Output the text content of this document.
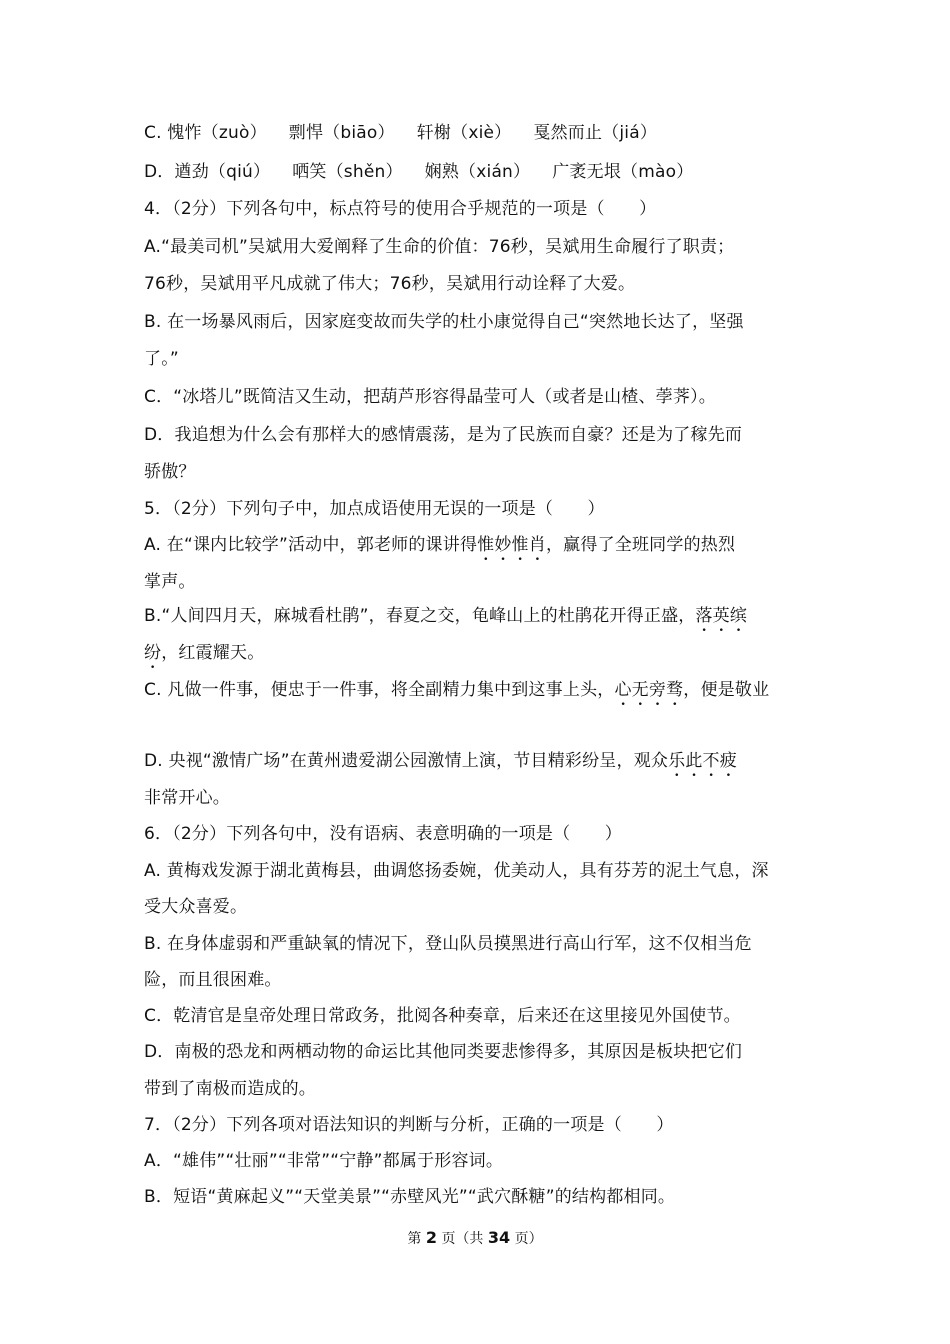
C. 愧怍（zuò） 剽悍（biāo） 轩榭（xiè） 戛然而止（jiá）
D．遒劲（qiú） 哂笑（shěn） 娴熟（xián） 广袤无垠（mào）
4．（2分）下列各句中，标点符号的使用合乎规范的一项是（　　）
A.“最美司机”吴斌用大爱阐释了生命的价值：76秒，吴斌用生命履行了职责；
76秒，吴斌用平凡成就了伟大；76秒，吴斌用行动诠释了大爱。
B. 在一场暴风雨后，因家庭变故而失学的杜小康觉得自己“突然地长达了，坚强
了。”
C．“冰塔儿”既简洁又生动，把葫芦形容得晶莹可人（或者是山楂、荸荠）。
D．我追想为什么会有那样大的感情震荡，是为了民族而自豪？还是为了稼先而
骄傲？
5．（2分）下列句子中，加点成语使用无误的一项是（　　）
A. 在“课内比较学”活动中，郭老师的课讲得惟妙惟肖，赢得了全班同学的热烈
掌声。
B.“人间四月天，麻城看杜鹃”，春夏之交，龟峰山上的杜鹃花开得正盛，落英缤
纷，红霞耀天。
C. 凡做一件事，便忠于一件事，将全副精力集中到这事上头，心无旁骛，便是敬业
D. 央视“激情广场”在黄州遗爱湖公园激情上演，节目精彩纷呈，观众乐此不疲
非常开心。
6．（2分）下列各句中，没有语病、表意明确的一项是（　　）
A. 黄梅戏发源于湖北黄梅县，曲调悠扬委婉，优美动人，具有芬芳的泥土气息，深
受大众喜爱。
B. 在身体虚弱和严重缺氧的情况下，登山队员摸黑进行高山行军，这不仅相当危
险，而且很困难。
C．乾清官是皇帝处理日常政务，批阅各种奏章，后来还在这里接见外国使节。
D．南极的恐龙和两栖动物的命运比其他同类要悲惨得多，其原因是板块把它们
带到了南极而造成的。
7．（2分）下列各项对语法知识的判断与分析，正确的一项是（　　）
A．“雄伟”“壮丽”“非常”“宁静”都属于形容词。
B．短语“黄麻起义”“天堂美景”“赤壁风光”“武穴酥糖”的结构都相同。
第 2 页（共 34 页）
